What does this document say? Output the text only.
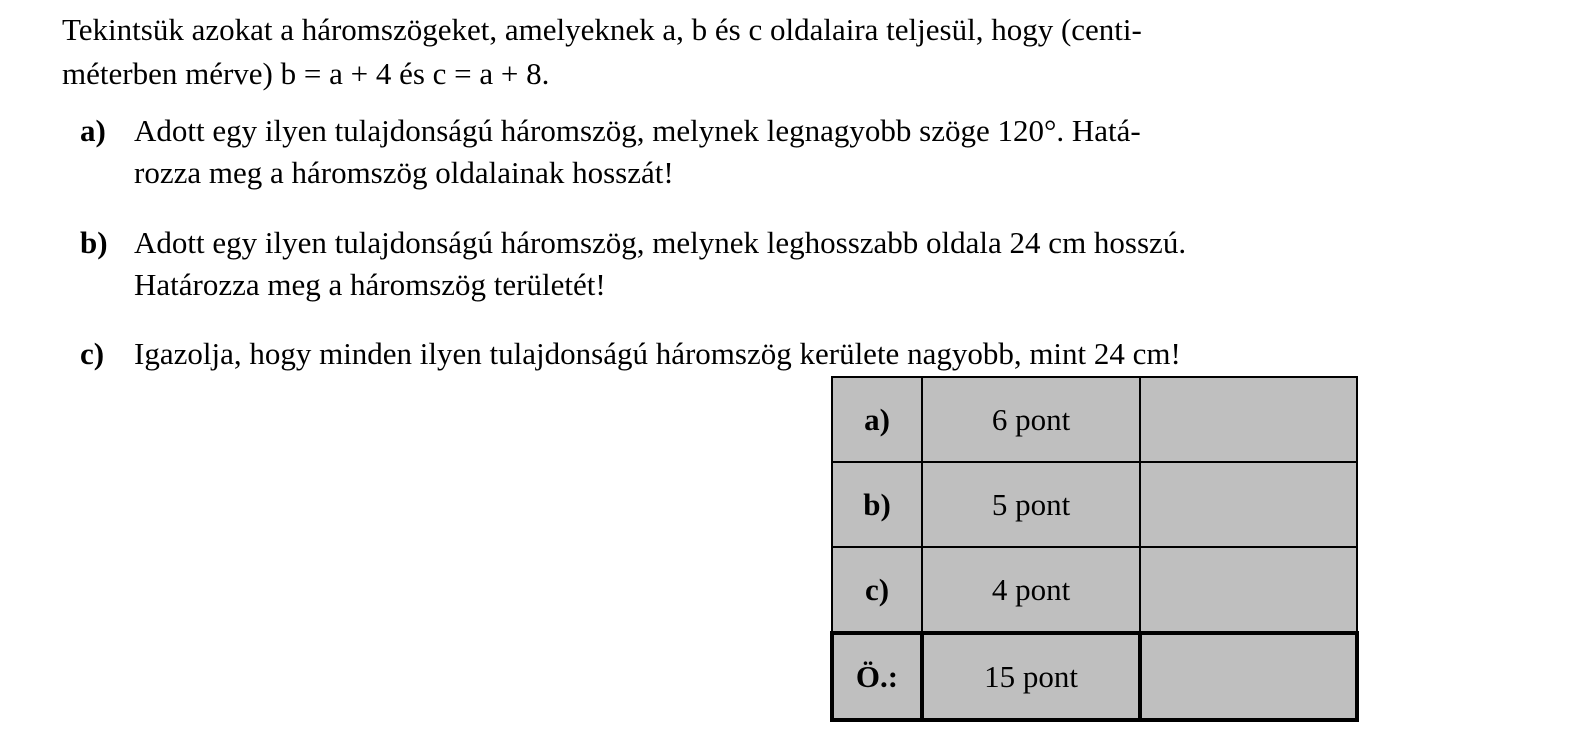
Tekintsük azokat a háromszögeket, amelyeknek a, b és c oldalaira teljesül, hogy (centi-
méterben mérve) b = a + 4 és c = a + 8.
a) Adott egy ilyen tulajdonságú háromszög, melynek legnagyobb szöge 120°. Hatá-
rozza meg a háromszög oldalainak hosszát!
b) Adott egy ilyen tulajdonságú háromszög, melynek leghosszabb oldala 24 cm hosszú.
Határozza meg a háromszög területét!
c) Igazolja, hogy minden ilyen tulajdonságú háromszög kerülete nagyobb, mint 24 cm!
a)	6 pont	
b)	5 pont	
c)	4 pont	
Ö.:	15 pont	
